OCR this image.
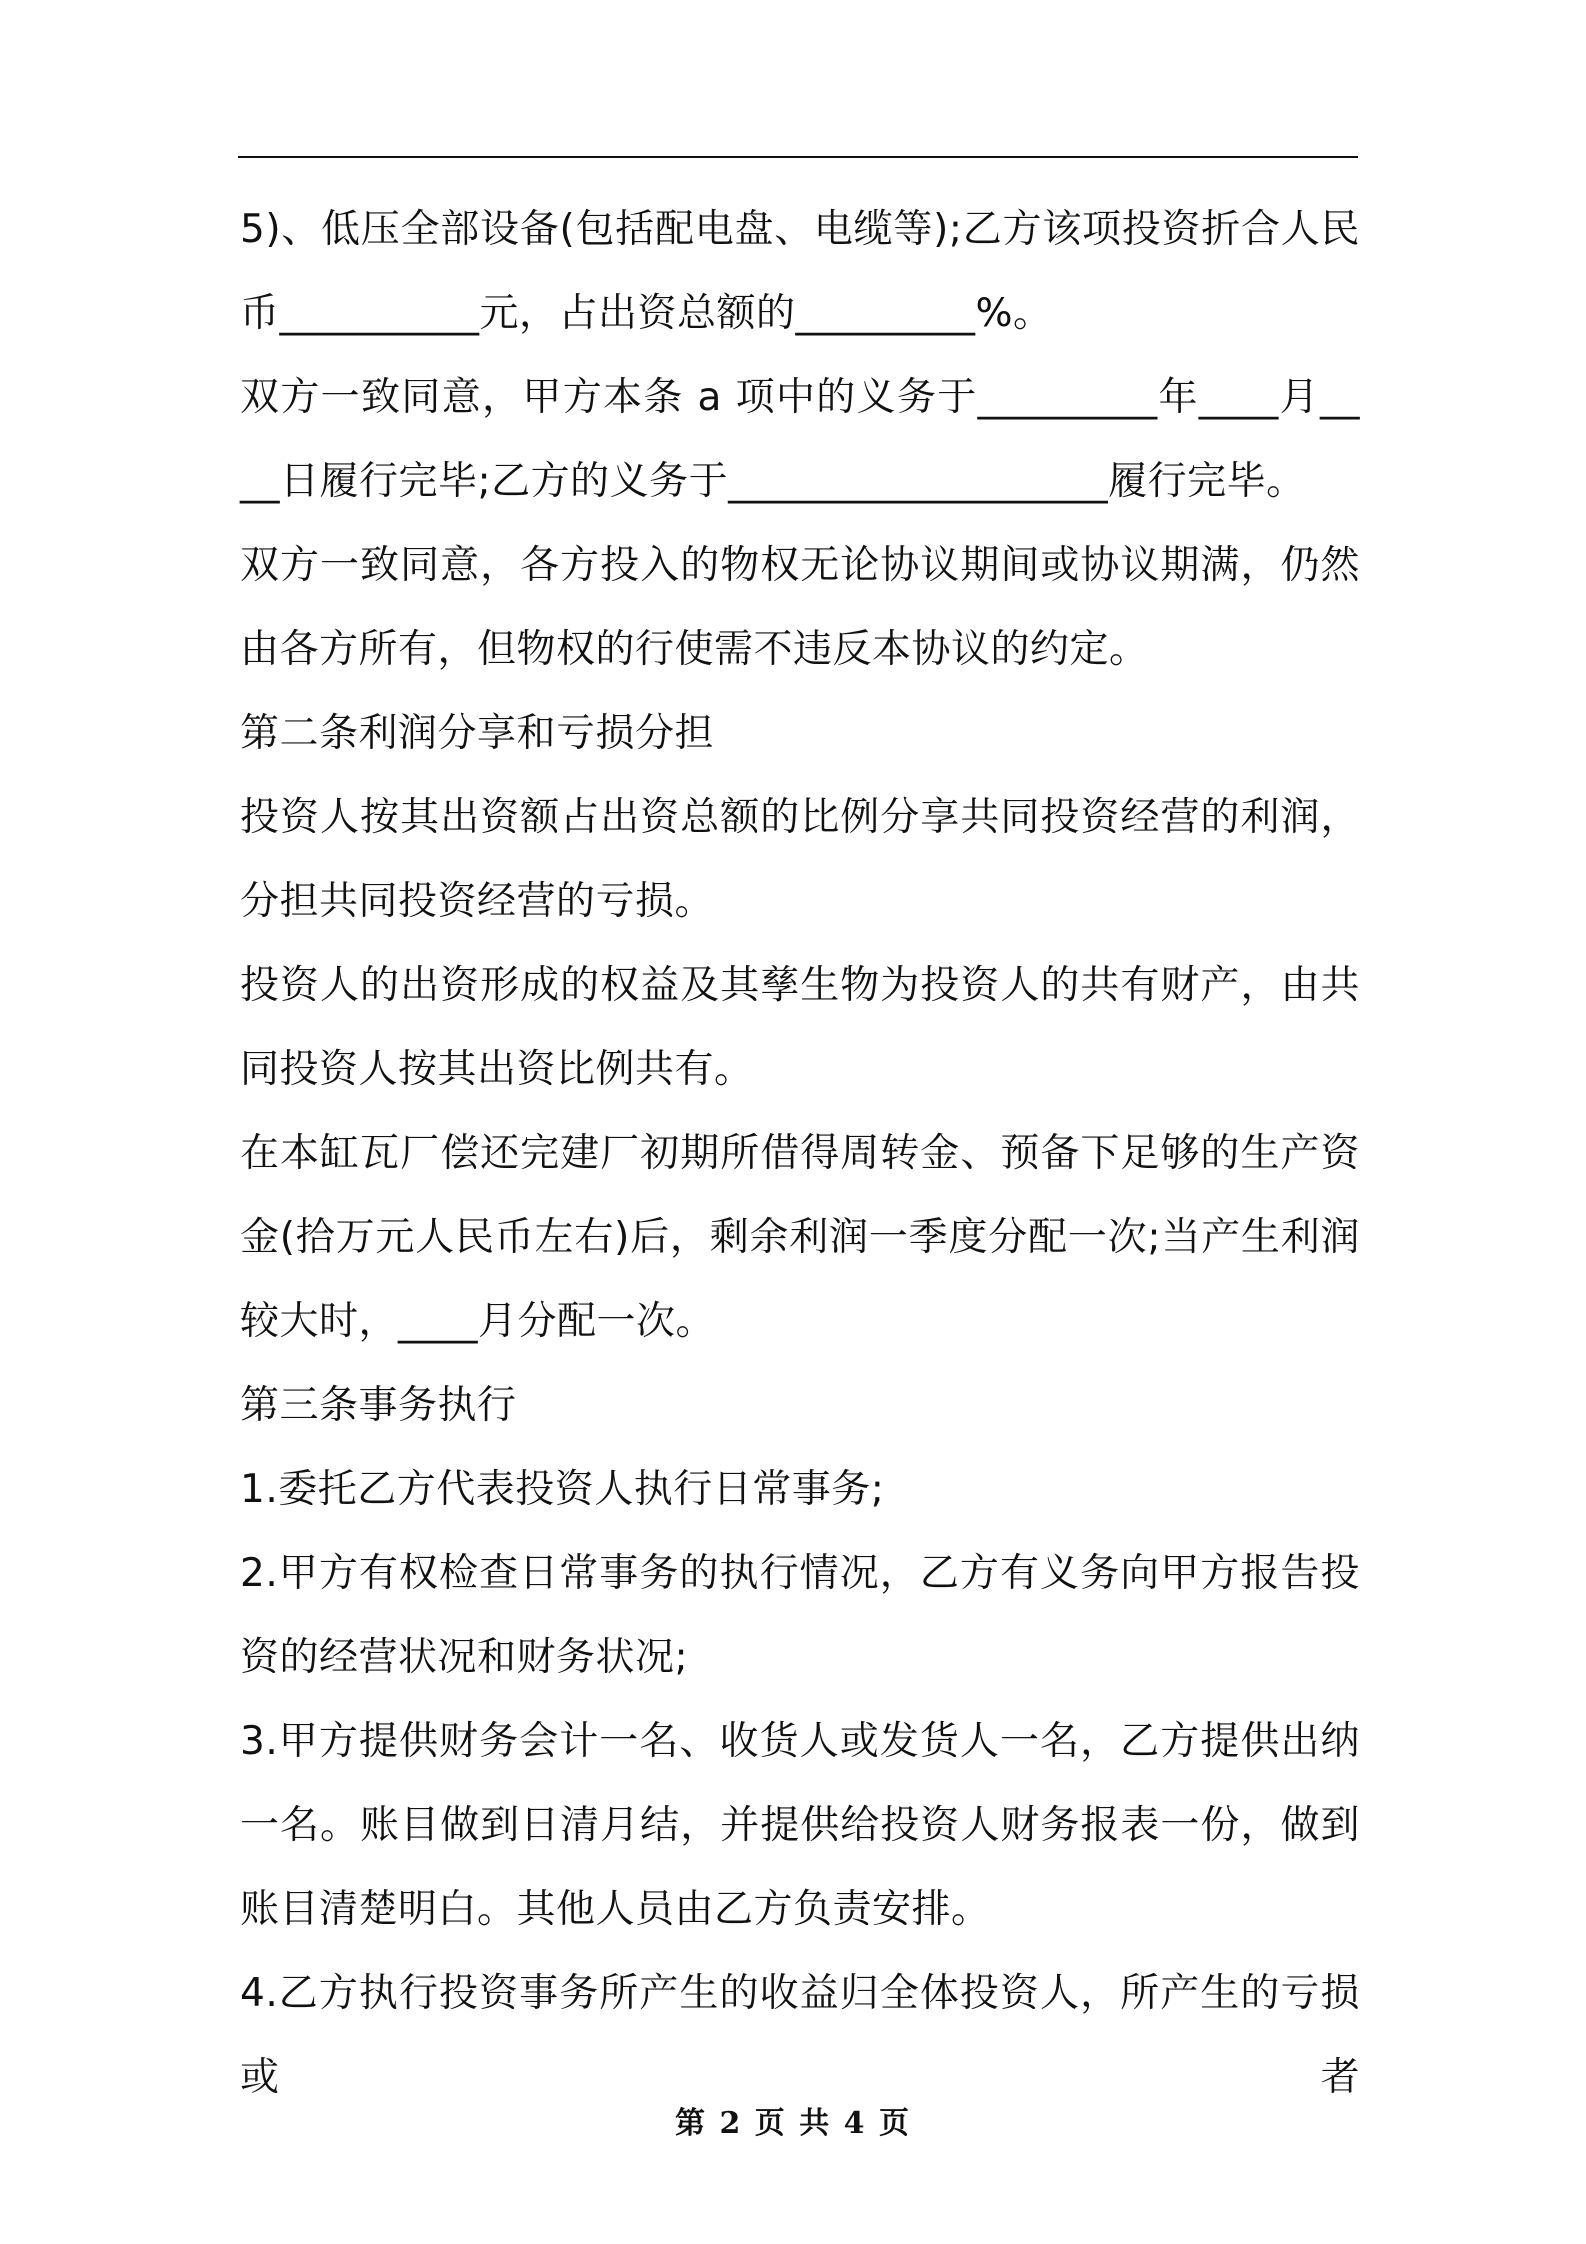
5)、低压全部设备(包括配电盘、电缆等);乙方该项投资折合人民币__________元，占出资总额的_________%。

双方一致同意，甲方本条 a 项中的义务于_________年____月____日履行完毕;乙方的义务于___________________履行完毕。

双方一致同意，各方投入的物权无论协议期间或协议期满，仍然由各方所有，但物权的行使需不违反本协议的约定。

第二条利润分享和亏损分担

投资人按其出资额占出资总额的比例分享共同投资经营的利润，分担共同投资经营的亏损。

投资人的出资形成的权益及其孳生物为投资人的共有财产，由共同投资人按其出资比例共有。

在本缸瓦厂偿还完建厂初期所借得周转金、预备下足够的生产资金(拾万元人民币左右)后，剩余利润一季度分配一次;当产生利润较大时，____月分配一次。

第三条事务执行

1.委托乙方代表投资人执行日常事务;

2.甲方有权检查日常事务的执行情况，乙方有义务向甲方报告投资的经营状况和财务状况;

3.甲方提供财务会计一名、收货人或发货人一名，乙方提供出纳一名。账目做到日清月结，并提供给投资人财务报表一份，做到账目清楚明白。其他人员由乙方负责安排。

4.乙方执行投资事务所产生的收益归全体投资人，所产生的亏损或者

第 2 页 共 4 页
